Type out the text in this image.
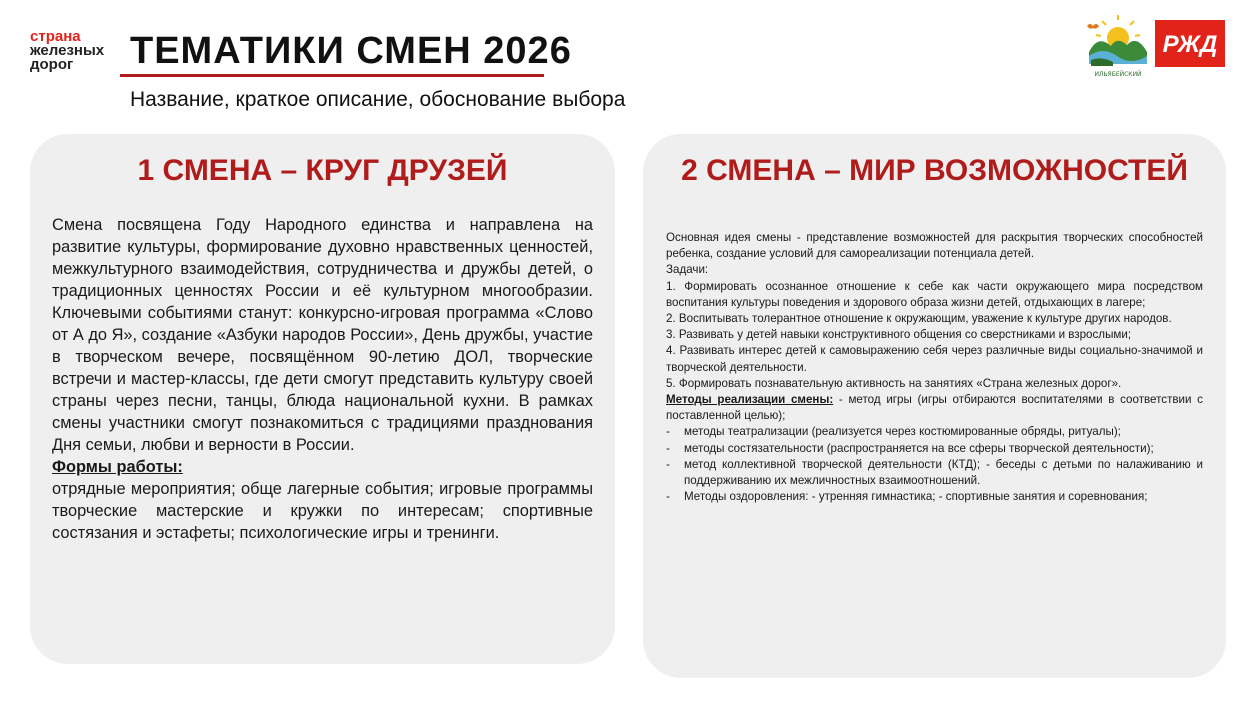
страна
железных
дорог	ТЕМАТИКИ СМЕН 2026
Название, краткое описание, обоснование выбора
ИЛЬЯБЕЙСКИЙ
РЖД
1 СМЕНА – КРУГ ДРУЗЕЙ

Смена посвящена Году Народного единства и направлена на развитие культуры, формирование духовно нравственных ценностей, межкультурного взаимодействия, сотрудничества и дружбы детей, о традиционных ценностях России и её культурном многообразии. Ключевыми событиями станут: конкурсно-игровая программа «Слово от А до Я», создание «Азбуки народов России», День дружбы, участие в творческом вечере, посвящённом 90-летию ДОЛ, творческие встречи и мастер-классы, где дети смогут представить культуру своей страны через песни, танцы, блюда национальной кухни. В рамках смены участники смогут познакомиться с традициями празднования Дня семьи, любви и верности в России.

Формы работы:

отрядные мероприятия; обще лагерные события; игровые программы творческие мастерские и кружки по интересам; спортивные состязания и эстафеты; психологические игры и тренинги.

2 СМЕНА – МИР ВОЗМОЖНОСТЕЙ

Основная идея смены - представление возможностей для раскрытия творческих способностей ребенка, создание условий для самореализации потенциала детей.

Задачи:

1. Формировать осознанное отношение к себе как части окружающего мира посредством воспитания культуры поведения и здорового образа жизни детей, отдыхающих в лагере;

2. Воспитывать толерантное отношение к окружающим, уважение к культуре других народов.

3. Развивать у детей навыки конструктивного общения со сверстниками и взрослыми;

4. Развивать интерес детей к самовыражению себя через различные виды социально-значимой и творческой деятельности.

5. Формировать познавательную активность на занятиях «Страна железных дорог».

Методы реализации смены: - метод игры (игры отбираются воспитателями в соответствии с поставленной целью);

- методы театрализации (реализуется через костюмированные обряды, ритуалы);
- методы состязательности (распространяется на все сферы творческой деятельности);
- метод коллективной творческой деятельности (КТД); - беседы с детьми по налаживанию и поддерживанию их межличностных взаимоотношений.
- Методы оздоровления: - утренняя гимнастика; - спортивные занятия и соревнования;
